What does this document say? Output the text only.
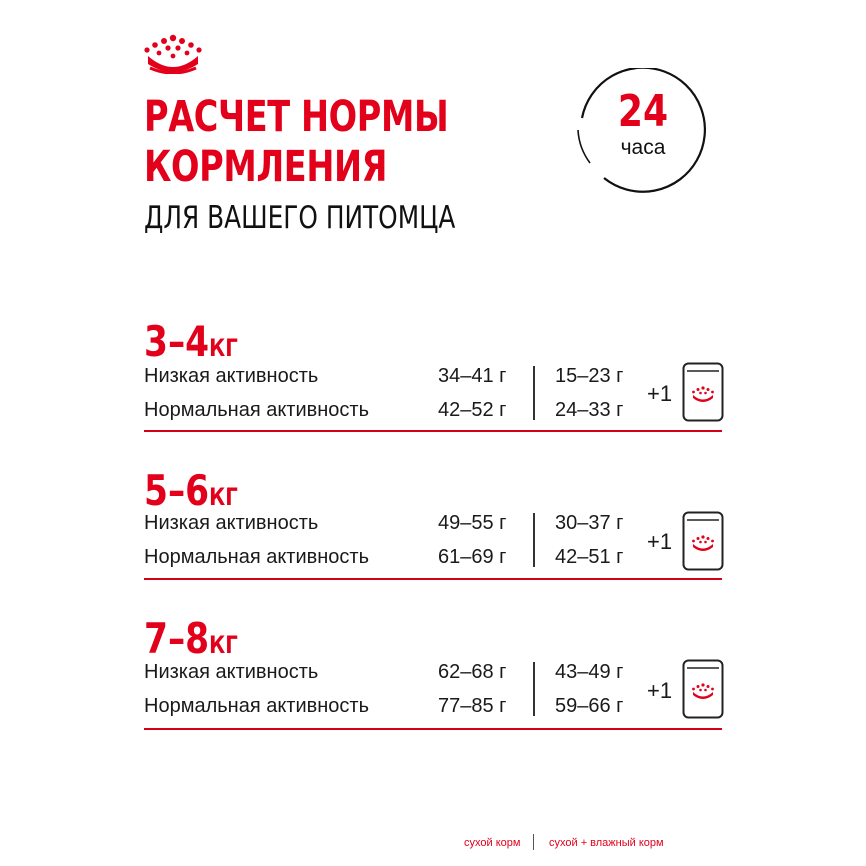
РАСЧЕТ НОРМЫ
КОРМЛЕНИЯ
ДЛЯ ВАШЕГО ПИТОМЦА
24
часа
3–4КГ
Низкая активность
Нормальная активность
34–41 г
42–52 г
15–23 г
24–33 г
+1
5–6КГ
Низкая активность
Нормальная активность
49–55 г
61–69 г
30–37 г
42–51 г
+1
7–8КГ
Низкая активность
Нормальная активность
62–68 г
77–85 г
43–49 г
59–66 г
+1
сухой корм	сухой + влажный корм
